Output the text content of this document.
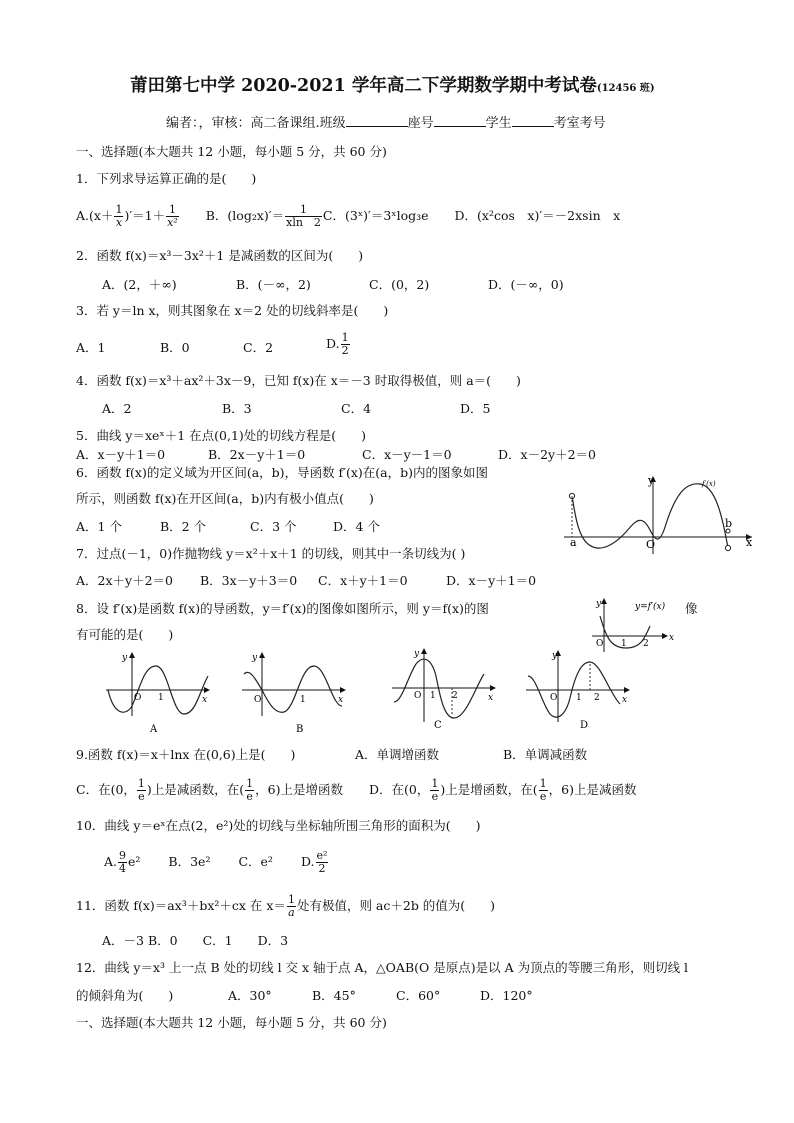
莆田第七中学 2020-2021 学年高二下学期数学期中考试卷(12456 班)
编者：，审核：高二备课组.班级	座号	学生	考室考号
一、选择题(本大题共 12 小题，每小题 5 分，共 60 分)
1．下列求导运算正确的是(　　)
$A.(x+ \frac{1}{x} )'=1+ \frac{1}{\text{x²}}$ B．$(\log_2x)'= \frac{1}{xln 2}$ C．(3ˣ)′＝3ˣlog₃e D．(x²cos　x)′＝－2xsin　x
2．函数 f(x)＝x³－3x²＋1 是减函数的区间为(　　)
A．(2，＋∞)	B．(－∞，2)	C．(0，2)	D．(－∞，0)
3．若 y＝ln x，则其图象在 x＝2 处的切线斜率是(　　)
A．1	B．0	C．2	D. $\frac{1}{2}$
4．函数 f(x)＝x³＋ax²＋3x－9，已知 f(x)在 x＝－3 时取得极值，则 a＝(　　)
A．2	B．3	C．4	D．5
5．曲线 y＝xeˣ＋1 在点(0,1)处的切线方程是(　　)
A．x－y＋1＝0	B．2x－y＋1＝0	C．x－y－1＝0	D．x－2y＋2＝0
6．函数 f(x)的定义域为开区间(a，b)，导函数 f′(x)在(a，b)内的图象如图
所示，则函数 f(x)在开区间(a，b)内有极小值点(　　)
A．1 个	B．2 个	C．3 个	D．4 个
a
b
O
y
x
f′(x)
7．过点(－1，0)作抛物线 y＝x²＋x＋1 的切线，则其中一条切线为( )
A．2x＋y＋2＝0 B．3x－y＋3＝0 C．x＋y＋1＝0	D．x－y＋1＝0
8．设 f′(x)是函数 f(x)的导函数，y＝f′(x)的图像如图所示，则 y＝f(x)的图	像
有可能的是(　　)
y	y=f′(x)
O 1 2
x
y
O 1	x
A
y
O	1	x
B
y
O 1 2	x
C
y
O 1 2 x
D
9.函数 f(x)＝x＋lnx 在(0,6)上是(　　)	A．单调增函数	B．单调减函数
C．在(0， $\frac{1}{e}$ )上是减函数，在( $\frac{1}{e}$ ，6)上是增函数 D．在(0， $\frac{1}{e}$ )上是增函数，在( $\frac{1}{e}$ ，6)上是减函数
10．曲线 y＝eˣ在点(2，e²)处的切线与坐标轴所围三角形的面积为(　　)
A. $\frac{9}{4} e^2$ B．3e² C．e² D. $\frac{\text{e²}}{2}$
11．函数 f(x)＝ax³＋bx²＋cx 在 $x= \frac{1}{a}$ 处有极值，则 ac＋2b 的值为(　　)
A．－3 B．0　　C．1　　D．3
12．曲线 y＝x³ 上一点 B 处的切线 l 交 x 轴于点 A，△OAB(O 是原点)是以 A 为顶点的等腰三角形，则切线 l
的倾斜角为(　　)	A．30°	B．45°	C．60°	D．120°
一、选择题(本大题共 12 小题，每小题 5 分，共 60 分)
